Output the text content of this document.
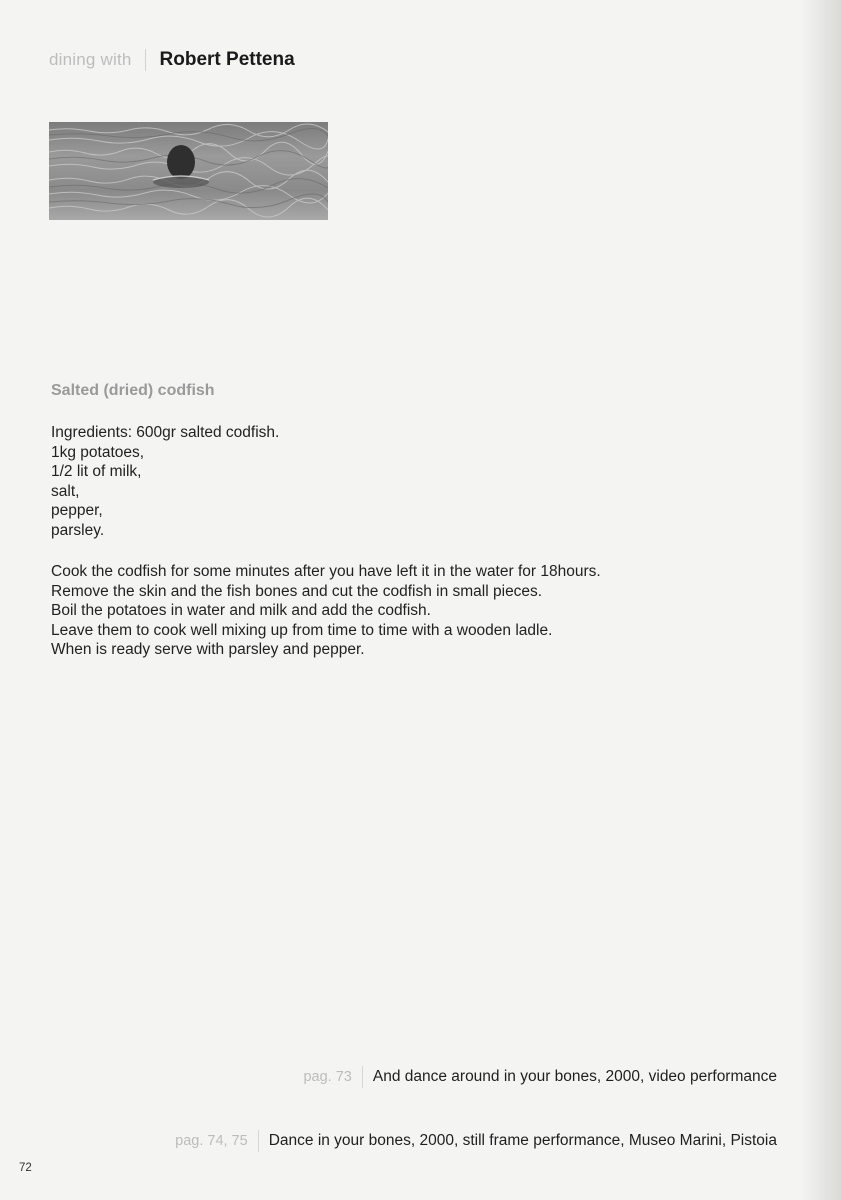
dining with Robert Pettena
Salted (dried) codfish
Ingredients: 600gr salted codfish.
1kg potatoes,
1/2 lit of milk,
salt,
pepper,
parsley.
Cook the codfish for some minutes after you have left it in the water for 18hours.
Remove the skin and the fish bones and cut the codfish in small pieces.
Boil the potatoes in water and milk and add the codfish.
Leave them to cook well mixing up from time to time with a wooden ladle.
When is ready serve with parsley and pepper.
pag. 73 And dance around in your bones, 2000, video performance
pag. 74, 75 Dance in your bones, 2000, still frame performance, Museo Marini, Pistoia
72
